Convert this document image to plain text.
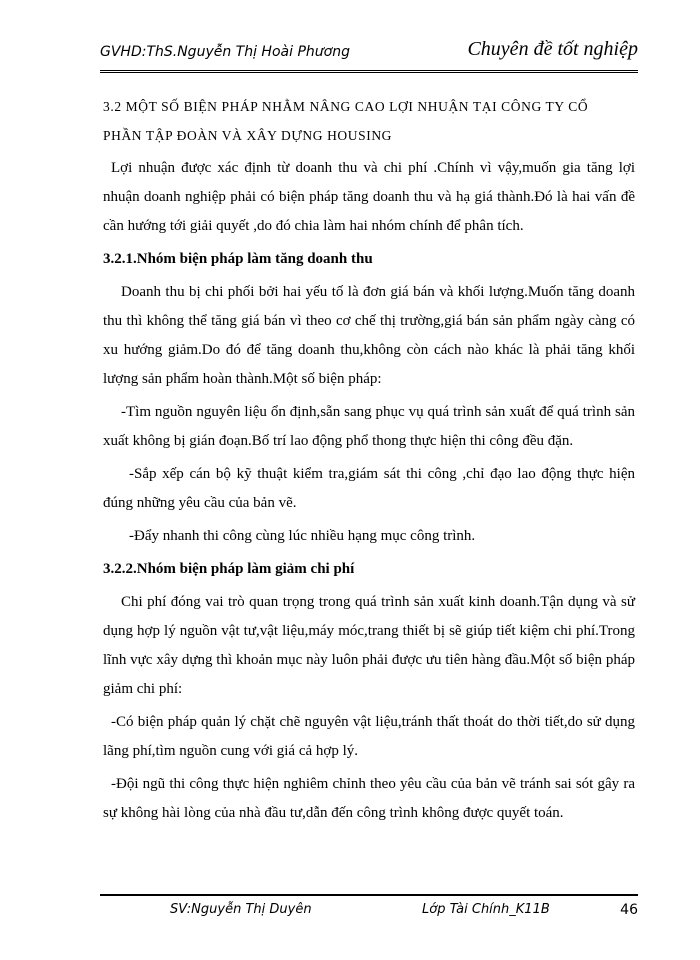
GVHD:ThS.Nguyễn Thị Hoài Phương	Chuyên đề tốt nghiệp
3.2 MỘT SỐ BIỆN PHÁP NHẰM NÂNG CAO LỢI NHUẬN TẠI CÔNG TY CỔ
PHẦN TẬP ĐOÀN VÀ XÂY DỰNG HOUSING

Lợi nhuận được xác định từ doanh thu và chi phí .Chính vì vậy,muốn gia tăng lợi nhuận doanh nghiệp phải có biện pháp tăng doanh thu và hạ giá thành.Đó là hai vấn đề cần hướng tới giải quyết ,do đó chia làm hai nhóm chính để phân tích.

3.2.1.Nhóm biện pháp làm tăng doanh thu

Doanh thu bị chi phối bởi hai yếu tố là đơn giá bán và khối lượng.Muốn tăng doanh thu thì không thể tăng giá bán vì theo cơ chế thị trường,giá bán sản phẩm ngày càng có xu hướng giảm.Do đó để tăng doanh thu,không còn cách nào khác là phải tăng khối lượng sản phẩm hoàn thành.Một số biện pháp:

-Tìm nguồn nguyên liệu ổn định,sẵn sang phục vụ quá trình sản xuất để quá trình sản xuất không bị gián đoạn.Bố trí lao động phổ thong thực hiện thi công đều đặn.

-Sắp xếp cán bộ kỹ thuật kiểm tra,giám sát thi công ,chỉ đạo lao động thực hiện đúng những yêu cầu của bản vẽ.

-Đẩy nhanh thi công cùng lúc nhiều hạng mục công trình.

3.2.2.Nhóm biện pháp làm giảm chi phí

Chi phí đóng vai trò quan trọng trong quá trình sản xuất kinh doanh.Tận dụng và sử dụng hợp lý nguồn vật tư,vật liệu,máy móc,trang thiết bị sẽ giúp tiết kiệm chi phí.Trong lĩnh vực xây dựng thì khoản mục này luôn phải được ưu tiên hàng đầu.Một số biện pháp giảm chi phí:

-Có biện pháp quản lý chặt chẽ nguyên vật liệu,tránh thất thoát do thời tiết,do sử dụng lãng phí,tìm nguồn cung với giá cả hợp lý.

-Đội ngũ thi công thực hiện nghiêm chỉnh theo yêu cầu của bản vẽ tránh sai sót gây ra sự không hài lòng của nhà đầu tư,dẫn đến công trình không được quyết toán.

SV:Nguyễn Thị Duyên	Lớp Tài Chính_K11B	46
